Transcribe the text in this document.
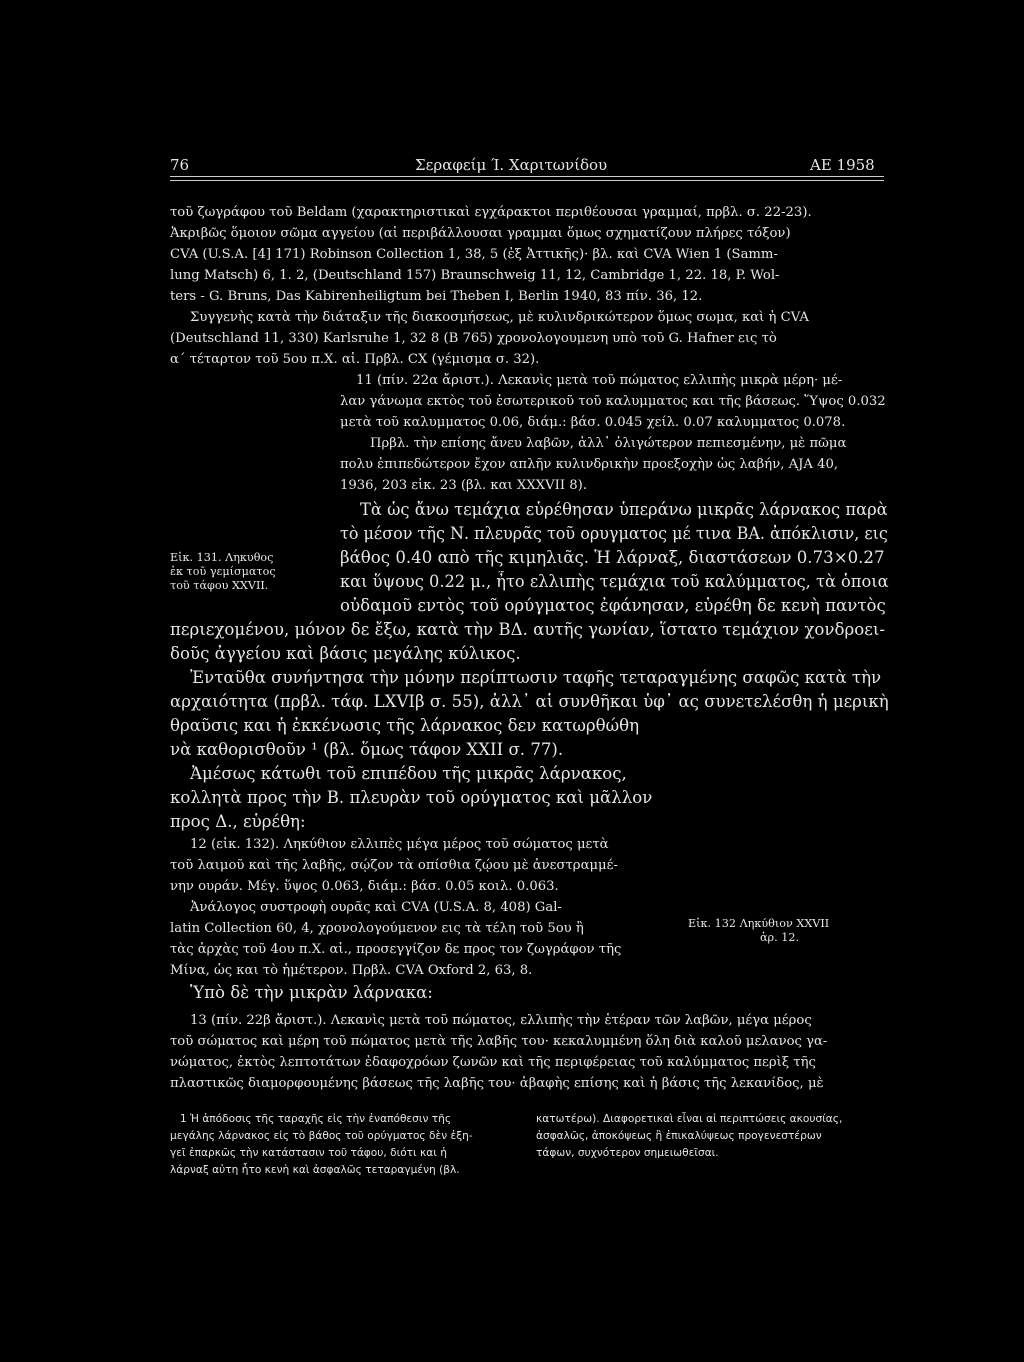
76	Σεραφείμ Ί. Χαριτωνίδου	ΑΕ 1958
τοῦ ζωγράφου τοῦ Beldam (χαρακτηριστικαὶ εγχάρακτοι περιθέουσαι γραμμαί, πρβλ. σ. 22-23).
Ἀκριβῶς ὅμοιον σῶμα αγγείου (αἱ περιβάλλουσαι γραμμαι ὅμως σχηματίζουν πλήρες τόξον)
CVA (U.S.A. [4] 171) Robinson Collection 1, 38, 5 (ἐξ Ἀττικῆς)· βλ. καὶ CVA Wien 1 (Samm-
lung Matsch) 6, 1. 2, (Deutschland 157) Braunschweig 11, 12, Cambridge 1, 22. 18, P. Wol-
ters - G. Bruns, Das Kabirenheiligtum bei Theben I, Berlin 1940, 83 πίν. 36, 12.
Συγγενὴς κατὰ τὴν διάταξιν τῆς διακοσμήσεως, μὲ κυλινδρικώτερον ὅμως σωμα, καὶ ἡ CVA
(Deutschland 11, 330) Karlsruhe 1, 32 8 (B 765) χρονολογουμενη υπὸ τοῦ G. Hafner εις τὸ
α΄ τέταρτον τοῦ 5ου π.Χ. αἱ. Πρβλ. CX (γέμισμα σ. 32).
11 (πίν. 22α ἄριστ.). Λεκανὶς μετὰ τοῦ πώματος ελλιπὴς μικρὰ μέρη· μέ-
λαν γάνωμα εκτὸς τοῦ ἐσωτερικοῦ τοῦ καλυμματος και τῆς βάσεως. Ὕψος 0.032
μετὰ τοῦ καλυμματος 0.06, διάμ.: βάσ. 0.045 χείλ. 0.07 καλυμματος 0.078.
Πρβλ. τὴν επίσης ἄνευ λαβῶν, ἀλλ᾽ ὀλιγώτερον πεπιεσμένην, μὲ πῶμα
πολυ ἐπιπεδώτερον ἔχον απλῆν κυλινδρικὴν προεξοχὴν ὡς λαβήν, AJA 40,
1936, 203 εἰκ. 23 (βλ. και XXXVII 8).
Τὰ ὡς ἄνω τεμάχια εὑρέθησαν ὑπεράνω μικρᾶς λάρνακος παρὰ
τὸ μέσον τῆς Ν. πλευρᾶς τοῦ ορυγματος μέ τινα ΒΑ. ἀπόκλισιν, εις
βάθος 0.40 απὸ τῆς κιμηλιᾶς. Ἡ λάρναξ, διαστάσεων 0.73×0.27
και ὕψους 0.22 μ., ἦτο ελλιπὴς τεμάχια τοῦ καλύμματος, τὰ ὁποια
οὐδαμοῦ εντὸς τοῦ ορύγματος ἐφάνησαν, εὑρέθη δε κενὴ παντὸς
περιεχομένου, μόνον δε ἔξω, κατὰ τὴν ΒΔ. αυτῆς γωνίαν, ἵστατο τεμάχιον χονδροει-
δοῦς ἀγγείου καὶ βάσις μεγάλης κύλικος.
Ἐνταῦθα συνήντησα τὴν μόνην περίπτωσιν ταφῆς τεταραγμένης σαφῶς κατὰ τὴν
αρχαιότητα (πρβλ. τάφ. LXVIβ σ. 55), ἀλλ᾽ αἱ συνθῆκαι ὑφ᾽ ας συνετελέσθη ἡ μερικὴ
θραῦσις και ἡ ἐκκένωσις τῆς λάρνακος δεν κατωρθώθη
νὰ καθορισθοῦν ¹ (βλ. ὅμως τάφον XXII σ. 77).
Ἀμέσως κάτωθι τοῦ επιπέδου τῆς μικρᾶς λάρνακος,
κολλητὰ προς τὴν Β. πλευρὰν τοῦ ορύγματος καὶ μᾶλλον
προς Δ., εὑρέθη:
12 (εἰκ. 132). Ληκύθιον ελλιπὲς μέγα μέρος τοῦ σώματος μετὰ
τοῦ λαιμοῦ καὶ τῆς λαβῆς, σῴζον τὰ οπίσθια ζῴου μὲ ἀνεστραμμέ-
νην ουράν. Μέγ. ὕψος 0.063, διάμ.: βάσ. 0.05 κοιλ. 0.063.
Ἀνάλογος συστροφὴ ουρᾶς καὶ CVA (U.S.A. 8, 408) Gal-
latin Collection 60, 4, χρονολογούμενον εις τὰ τέλη τοῦ 5ου ἢ
τὰς ἀρχὰς τοῦ 4ου π.Χ. αἱ., προσεγγίζον δε προς τον ζωγράφον τῆς
Μίνα, ὡς και τὸ ἡμέτερον. Πρβλ. CVA Oxford 2, 63, 8.
Ὑπὸ δὲ τὴν μικρὰν λάρνακα:
13 (πίν. 22β ἄριστ.). Λεκανὶς μετὰ τοῦ πώματος, ελλιπὴς τὴν ἑτέραν τῶν λαβῶν, μέγα μέρος
τοῦ σώματος καὶ μέρη τοῦ πώματος μετὰ τῆς λαβῆς του· κεκαλυμμένη ὅλη διὰ καλοῦ μελανος γα-
νώματος, ἐκτὸς λεπτοτάτων ἐδαφοχρόων ζωνῶν καὶ τῆς περιφέρειας τοῦ καλύμματος περὶξ τῆς
πλαστικῶς διαμορφουμένης βάσεως τῆς λαβῆς του· ἀβαφὴς επίσης καὶ ἡ βάσις τῆς λεκανίδος, μὲ
Εἰκ. 131. Ληκυθος
ἐκ τοῦ γεμίσματος
τοῦ τάφου XXVII.
Εἰκ. 132 Ληκύθιον XXVII
ἀρ. 12.
1 Ἡ ἀπόδοσις τῆς ταραχῆς εἰς τὴν ἐναπόθεσιν τῆς
μεγάλης λάρνακος εἰς τὸ βάθος τοῦ ορύγματος δὲν ἐξη-
γεῖ ἐπαρκῶς τὴν κατάστασιν τοῦ τάφου, διότι και ἡ
λάρναξ αὐτη ἦτο κενὴ καὶ ἀσφαλῶς τεταραγμένη (βλ.
κατωτέρω). Διαφορετικαὶ εἶναι αἱ περιπτώσεις ακουσίας,
ἀσφαλῶς, ἀποκόψεως ἢ ἐπικαλύψεως προγενεστέρων
τάφων, συχνότερον σημειωθεῖσαι.
